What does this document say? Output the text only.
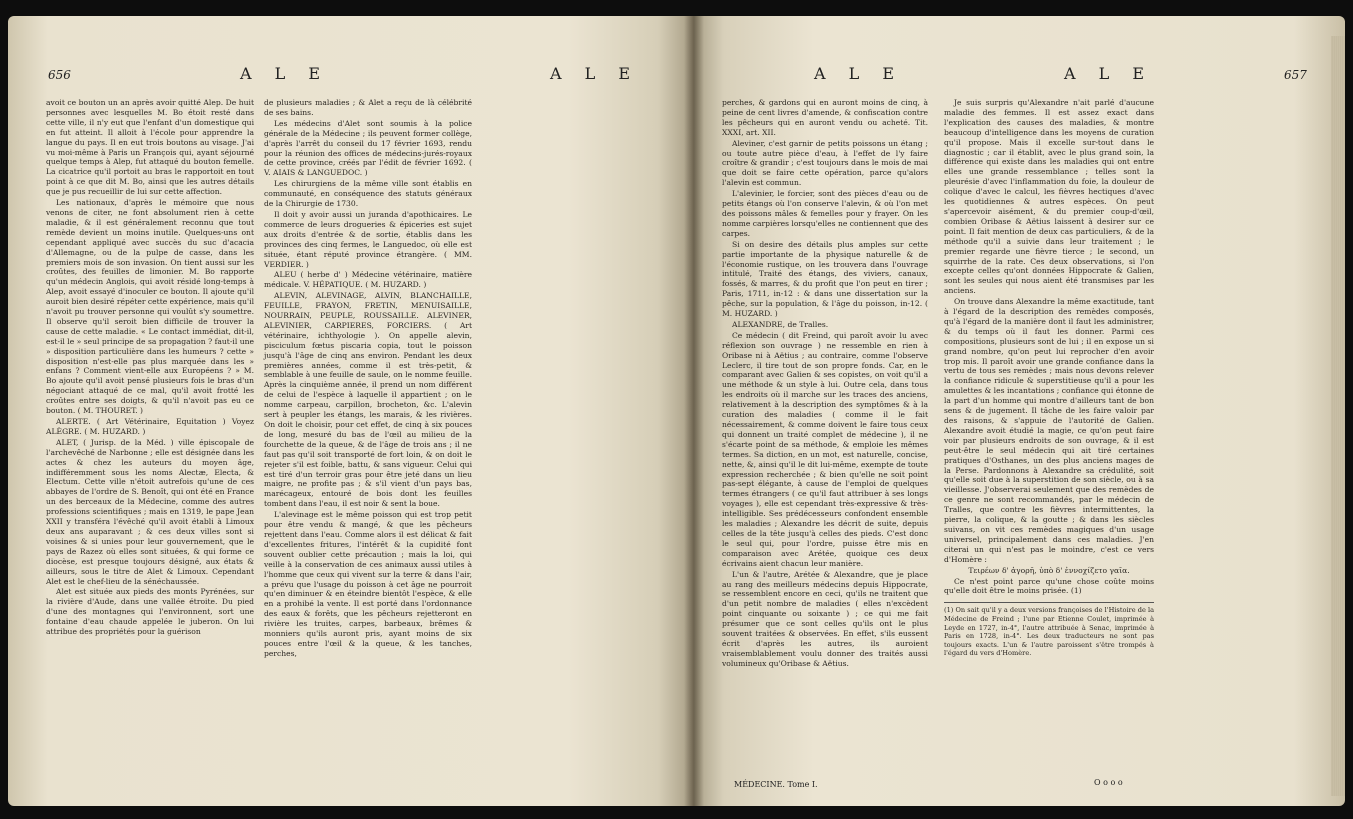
656	A L E	A L E

avoit ce bouton un an après avoir quitté Alep. De huit personnes avec lesquelles M. Bo étoit resté dans cette ville, il n'y eut que l'enfant d'un domestique qui en fut atteint. Il alloit à l'école pour apprendre la langue du pays. Il en eut trois boutons au visage. J'ai vu moi-même à Paris un François qui, ayant séjourné quelque temps à Alep, fut attaqué du bouton femelle. La cicatrice qu'il portoit au bras le rapportoit en tout point à ce que dit M. Bo, ainsi que les autres détails que je pus recueillir de lui sur cette affection.

Les nationaux, d'après le mémoire que nous venons de citer, ne font absolument rien à cette maladie, & il est généralement reconnu que tout remède devient un moins inutile. Quelques-uns ont cependant appliqué avec succès du suc d'acacia d'Allemagne, ou de la pulpe de casse, dans les premiers mois de son invasion. On tient aussi sur les croûtes, des feuilles de limonier. M. Bo rapporte qu'un médecin Anglois, qui avoit résidé long-temps à Alep, avoit essayé d'inoculer ce bouton. Il ajoute qu'il auroit bien desiré répéter cette expérience, mais qu'il n'avoit pu trouver personne qui voulût s'y soumettre. Il observe qu'il seroit bien difficile de trouver la cause de cette maladie. « Le contact immédiat, dit-il, est-il le » seul principe de sa propagation ? faut-il une » disposition particulière dans les humeurs ? cette » disposition n'est-elle pas plus marquée dans les » enfans ? Comment vient-elle aux Européens ? » M. Bo ajoute qu'il avoit pensé plusieurs fois le bras d'un négociant attaqué de ce mal, qu'il avoit frotté les croûtes entre ses doigts, & qu'il n'avoit pas eu ce bouton. ( M. THOURET. )

ALERTE. ( Art Vétérinaire, Equitation ) Voyez ALÈGRE. ( M. HUZARD. )

ALET, ( Jurisp. de la Méd. ) ville épiscopale de l'archevêché de Narbonne ; elle est désignée dans les actes & chez les auteurs du moyen âge, indifféremment sous les noms Alectæ, Electa, & Electum. Cette ville n'étoit autrefois qu'une de ces abbayes de l'ordre de S. Benoît, qui ont été en France un des berceaux de la Médecine, comme des autres professions scientifiques ; mais en 1319, le pape Jean XXII y transféra l'évêché qu'il avoit établi à Limoux deux ans auparavant ; & ces deux villes sont si voisines & si unies pour leur gouvernement, que le pays de Razez où elles sont situées, & qui forme ce diocèse, est presque toujours désigné, aux états & ailleurs, sous le titre de Alet & Limoux. Cependant Alet est le chef-lieu de la sénéchaussée.

Alet est située aux pieds des monts Pyrénées, sur la rivière d'Aude, dans une vallée étroite. Du pied d'une des montagnes qui l'environnent, sort une fontaine d'eau chaude appelée le juberon. On lui attribue des propriétés pour la guérison

de plusieurs maladies ; & Alet a reçu de là célébrité de ses bains.

Les médecins d'Alet sont soumis à la police générale de la Médecine ; ils peuvent former collège, d'après l'arrêt du conseil du 17 février 1693, rendu pour la réunion des offices de médecins-jurés-royaux de cette province, créés par l'édit de février 1692. ( V. AIAIS & LANGUEDOC. )

Les chirurgiens de la même ville sont établis en communauté, en conséquence des statuts généraux de la Chirurgie de 1730.

Il doit y avoir aussi un juranda d'apothicaires. Le commerce de leurs drogueries & épiceries est sujet aux droits d'entrée & de sortie, établis dans les provinces des cinq fermes, le Languedoc, où elle est située, étant réputé province étrangère. ( MM. VERDIER. )

ALEU ( herbe d' ) Médecine vétérinaire, matière médicale. V. HÉPATIQUE. ( M. HUZARD. )

ALEVIN, ALEVINAGE, ALVIN, BLANCHAILLE, FEUILLE, FRAYON, FRETIN, MENUISAILLE, NOURRAIN, PEUPLE, ROUSSAILLE. ALEVINER, ALEVINIER, CARPIERES, FORCIERS. ( Art vétérinaire, ichthyologie ). On appelle alevin, pisciculum fœtus piscaria copia, tout le poisson jusqu'à l'âge de cinq ans environ. Pendant les deux premières années, comme il est très-petit, & semblable à une feuille de saule, on le nomme feuille. Après la cinquième année, il prend un nom différent de celui de l'espèce à laquelle il appartient ; on le nomme carpeau, carpillon, brocheton, &c. L'alevin sert à peupler les étangs, les marais, & les rivières. On doit le choisir, pour cet effet, de cinq à six pouces de long, mesuré du bas de l'œil au milieu de la fourchette de la queue, & de l'âge de trois ans ; il ne faut pas qu'il soit transporté de fort loin, & on doit le rejeter s'il est foible, battu, & sans vigueur. Celui qui est tiré d'un terroir gras pour être jeté dans un lieu maigre, ne profite pas ; & s'il vient d'un pays bas, marécageux, entouré de bois dont les feuilles tombent dans l'eau, il est noir & sent la boue.

L'alevinage est le même poisson qui est trop petit pour être vendu & mangé, & que les pêcheurs rejettent dans l'eau. Comme alors il est délicat & fait d'excellentes fritures, l'intérêt & la cupidité font souvent oublier cette précaution ; mais la loi, qui veille à la conservation de ces animaux aussi utiles à l'homme que ceux qui vivent sur la terre & dans l'air, a prévu que l'usage du poisson à cet âge ne pourroit qu'en diminuer & en éteindre bientôt l'espèce, & elle en a prohibé la vente. Il est porté dans l'ordonnance des eaux & forêts, que les pêcheurs rejetteront en rivière les truites, carpes, barbeaux, brêmes & monniers qu'ils auront pris, ayant moins de six pouces entre l'œil & la queue, & les tanches, perches,

A L E	A L E	657

perches, & gardons qui en auront moins de cinq, à peine de cent livres d'amende, & confiscation contre les pêcheurs qui en auront vendu ou acheté. Tit. XXXI, art. XII.

Aleviner, c'est garnir de petits poissons un étang ; ou toute autre pièce d'eau, à l'effet de l'y faire croître & grandir ; c'est toujours dans le mois de mai que doit se faire cette opération, parce qu'alors l'alevin est commun.

L'alevinier, le forcier, sont des pièces d'eau ou de petits étangs où l'on conserve l'alevin, & où l'on met des poissons mâles & femelles pour y frayer. On les nomme carpières lorsqu'elles ne contiennent que des carpes.

Si on desire des détails plus amples sur cette partie importante de la physique naturelle & de l'économie rustique, on les trouvera dans l'ouvrage intitulé, Traité des étangs, des viviers, canaux, fossés, & marres, & du profit que l'on peut en tirer ; Paris, 1711, in-12 : & dans une dissertation sur la pêche, sur la population, & l'âge du poisson, in-12. ( M. HUZARD. )

ALEXANDRE, de Tralles.

Ce médecin ( dit Freind, qui paroît avoir lu avec réflexion son ouvrage ) ne ressemble en rien à Oribase ni à Aëtius ; au contraire, comme l'observe Leclerc, il tire tout de son propre fonds. Car, en le comparant avec Galien & ses copistes, on voit qu'il a une méthode & un style à lui. Outre cela, dans tous les endroits où il marche sur les traces des anciens, relativement à la description des symptômes & à la curation des maladies ( comme il le fait nécessairement, & comme doivent le faire tous ceux qui donnent un traité complet de médecine ), il ne s'écarte point de sa méthode, & emploie les mêmes termes. Sa diction, en un mot, est naturelle, concise, nette, &, ainsi qu'il le dit lui-même, exempte de toute expression recherchée ; & bien qu'elle ne soit point pas-sept élégante, à cause de l'emploi de quelques termes étrangers ( ce qu'il faut attribuer à ses longs voyages ), elle est cependant très-expressive & très-intelligible. Ses prédécesseurs confondent ensemble les maladies ; Alexandre les décrit de suite, depuis celles de la tête jusqu'à celles des pieds. C'est donc le seul qui, pour l'ordre, puisse être mis en comparaison avec Arétée, quoique ces deux écrivains aient chacun leur manière.

L'un & l'autre, Arétée & Alexandre, que je place au rang des meilleurs médecins depuis Hippocrate, se ressemblent encore en ceci, qu'ils ne traitent que d'un petit nombre de maladies ( elles n'excèdent point cinquante ou soixante ) ; ce qui me fait présumer que ce sont celles qu'ils ont le plus souvent traitées & observées. En effet, s'ils eussent écrit d'après les autres, ils auroient vraisemblablement voulu donner des traités aussi volumineux qu'Oribase & Aëtius.

MÉDECINE. Tome I.

Je suis surpris qu'Alexandre n'ait parlé d'aucune maladie des femmes. Il est assez exact dans l'explication des causes des maladies, & montre beaucoup d'intelligence dans les moyens de curation qu'il propose. Mais il excelle sur-tout dans le diagnostic ; car il établit, avec le plus grand soin, la différence qui existe dans les maladies qui ont entre elles une grande ressemblance ; telles sont la pleurésie d'avec l'inflammation du foie, la douleur de colique d'avec le calcul, les fièvres hectiques d'avec les quotidiennes & autres espèces. On peut s'apercevoir aisément, & du premier coup-d'œil, combien Oribase & Aëtius laissent à desirer sur ce point. Il fait mention de deux cas particuliers, & de la méthode qu'il a suivie dans leur traitement ; le premier regarde une fièvre tierce ; le second, un squirrhe de la rate. Ces deux observations, si l'on excepte celles qu'ont données Hippocrate & Galien, sont les seules qui nous aient été transmises par les anciens.

On trouve dans Alexandre la même exactitude, tant à l'égard de la description des remèdes composés, qu'à l'égard de la manière dont il faut les administrer, & du temps où il faut les donner. Parmi ces compositions, plusieurs sont de lui ; il en expose un si grand nombre, qu'on peut lui reprocher d'en avoir trop mis. Il paroît avoir une grande confiance dans la vertu de tous ses remèdes ; mais nous devons relever la confiance ridicule & superstitieuse qu'il a pour les amulettes & les incantations ; confiance qui étonne de la part d'un homme qui montre d'ailleurs tant de bon sens & de jugement. Il tâche de les faire valoir par des raisons, & s'appuie de l'autorité de Galien. Alexandre avoit étudié la magie, ce qu'on peut faire voir par plusieurs endroits de son ouvrage, & il est peut-être le seul médecin qui ait tiré certaines pratiques d'Osthanes, un des plus anciens mages de la Perse. Pardonnons à Alexandre sa crédulité, soit qu'elle soit due à la superstition de son siècle, ou à sa vieillesse. J'observerai seulement que des remèdes de ce genre ne sont recommandés, par le médecin de Tralles, que contre les fièvres intermittentes, la pierre, la colique, & la goutte ; & dans les siècles suivans, on vit ces remèdes magiques d'un usage universel, principalement dans ces maladies. J'en citerai un qui n'est pas le moindre, c'est ce vers d'Homère :

Τειρέων δ' ἀγορῆ, ὑπὸ δ' ἐννοχίζετο γαῖα.

Ce n'est point parce qu'une chose coûte moins qu'elle doit être le moins prisée. (1)

(1) On sait qu'il y a deux versions françoises de l'Histoire de la Médecine de Freind ; l'une par Etienne Coulet, imprimée à Leyde en 1727, in-4°, l'autre attribuée à Senac, imprimée à Paris en 1728, in-4°. Les deux traducteurs ne sont pas toujours exacts. L'un & l'autre paroissent s'être trompés à l'égard du vers d'Homère.
O o o o
